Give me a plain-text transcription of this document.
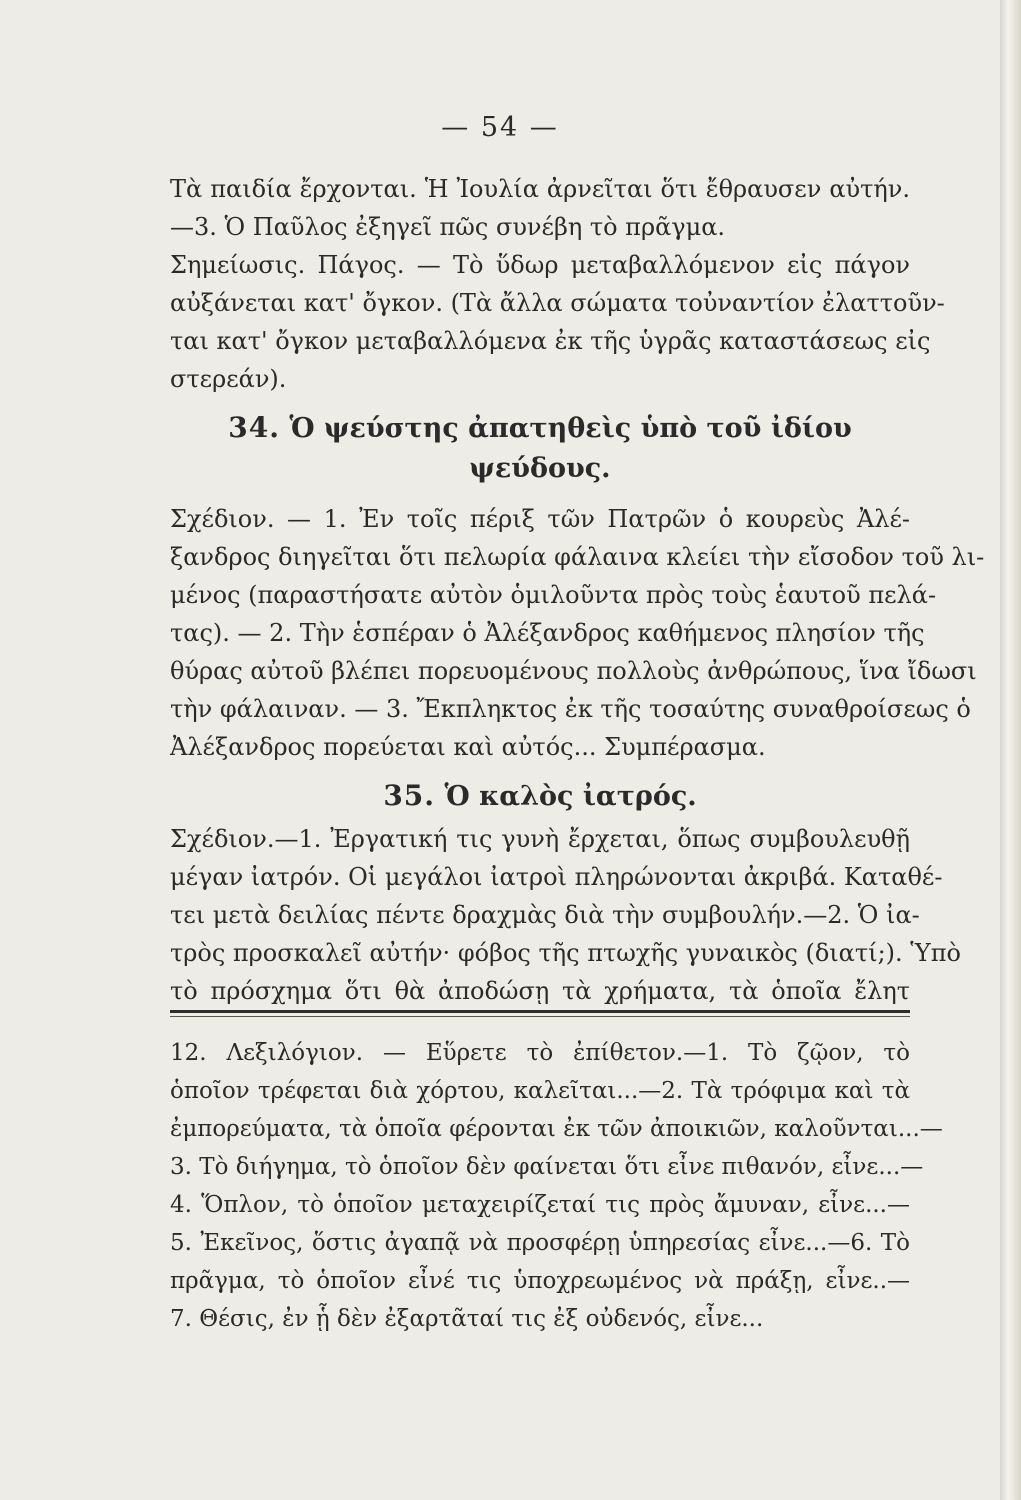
— 54 —
Τὰ παιδία ἔρχονται. Ἡ Ἰουλία ἀρνεῖται ὅτι ἔθραυσεν αὐτήν.
—3. Ὁ Παῦλος ἐξηγεῖ πῶς συνέβη τὸ πρᾶγμα.
Σημείωσις. Πάγος. — Τὸ ὕδωρ μεταβαλλόμενον εἰς πάγον
αὐξάνεται κατ' ὄγκον. (Τὰ ἄλλα σώματα τοὐναντίον ἐλαττοῦν-
ται κατ' ὄγκον μεταβαλλόμενα ἐκ τῆς ὑγρᾶς καταστάσεως εἰς
στερεάν).
34. Ὁ ψεύστης ἀπατηθεὶς ὑπὸ τοῦ ἰδίου
ψεύδους.
Σχέδιον. — 1. Ἐν τοῖς πέριξ τῶν Πατρῶν ὁ κουρεὺς Ἀλέ-
ξανδρος διηγεῖται ὅτι πελωρία φάλαινα κλείει τὴν εἴσοδον τοῦ λι-
μένος (παραστήσατε αὐτὸν ὁμιλοῦντα πρὸς τοὺς ἑαυτοῦ πελά-
τας). — 2. Τὴν ἑσπέραν ὁ Ἀλέξανδρος καθήμενος πλησίον τῆς
θύρας αὐτοῦ βλέπει πορευομένους πολλοὺς ἀνθρώπους, ἵνα ἴδωσι
τὴν φάλαιναν. — 3. Ἔκπληκτος ἐκ τῆς τοσαύτης συναθροίσεως ὁ
Ἀλέξανδρος πορεύεται καὶ αὐτός... Συμπέρασμα.
35. Ὁ καλὸς ἰατρός.
Σχέδιον.—1. Ἐργατική τις γυνὴ ἔρχεται, ὅπως συμβουλευθῇ
μέγαν ἰατρόν. Οἱ μεγάλοι ἰατροὶ πληρώνονται ἀκριβά. Καταθέ-
τει μετὰ δειλίας πέντε δραχμὰς διὰ τὴν συμβουλήν.—2. Ὁ ἰα-
τρὸς προσκαλεῖ αὐτήν· φόβος τῆς πτωχῆς γυναικὸς (διατί;). Ὑπὸ
τὸ πρόσχημα ὅτι θὰ ἀποδώσῃ τὰ χρήματα, τὰ ὁποῖα ἔλητ
12. Λεξιλόγιον. — Εὕρετε τὸ ἐπίθετον.—1. Τὸ ζῷον, τὸ
ὁποῖον τρέφεται διὰ χόρτου, καλεῖται...—2. Τὰ τρόφιμα καὶ τὰ
ἐμπορεύματα, τὰ ὁποῖα φέρονται ἐκ τῶν ἀποικιῶν, καλοῦνται...—
3. Τὸ διήγημα, τὸ ὁποῖον δὲν φαίνεται ὅτι εἶνε πιθανόν, εἶνε...—
4. Ὅπλον, τὸ ὁποῖον μεταχειρίζεταί τις πρὸς ἄμυναν, εἶνε...—
5. Ἐκεῖνος, ὅστις ἀγαπᾷ νὰ προσφέρῃ ὑπηρεσίας εἶνε...—6. Τὸ
πρᾶγμα, τὸ ὁποῖον εἶνέ τις ὑποχρεωμένος νὰ πράξῃ, εἶνε..—
7. Θέσις, ἐν ᾗ δὲν ἐξαρτᾶταί τις ἐξ οὐδενός, εἶνε...
